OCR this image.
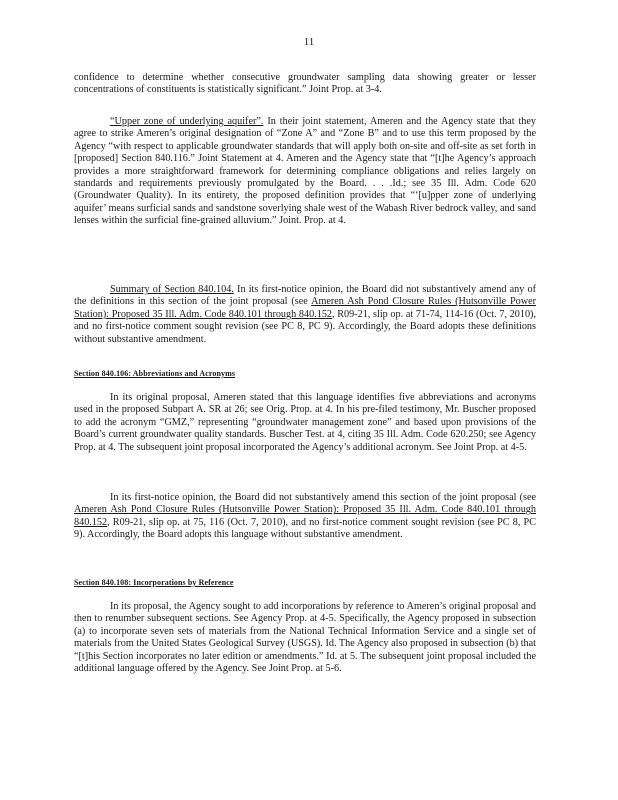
11

confidence to determine whether consecutive groundwater sampling data showing greater or lesser concentrations of constituents is statistically significant.” Joint Prop. at 3-4.

“Upper zone of underlying aquifer”. In their joint statement, Ameren and the Agency state that they agree to strike Ameren’s original designation of “Zone A” and “Zone B” and to use this term proposed by the Agency “with respect to applicable groundwater standards that will apply both on-site and off-site as set forth in [proposed] Section 840.116.” Joint Statement at 4. Ameren and the Agency state that “[t]he Agency’s approach provides a more straightforward framework for determining compliance obligations and relies largely on standards and requirements previously promulgated by the Board. . . .Id.; see 35 Ill. Adm. Code 620 (Groundwater Quality). In its entirety, the proposed definition provides that “‘[u]pper zone of underlying aquifer’ means surficial sands and sandstone soverlying shale west of the Wabash River bedrock valley, and sand lenses within the surficial fine-grained alluvium.” Joint. Prop. at 4.

Summary of Section 840.104. In its first-notice opinion, the Board did not substantively amend any of the definitions in this section of the joint proposal (see Ameren Ash Pond Closure Rules (Hutsonville Power Station): Proposed 35 Ill. Adm. Code 840.101 through 840.152, R09-21, slip op. at 71-74, 114-16 (Oct. 7, 2010), and no first-notice comment sought revision (see PC 8, PC 9). Accordingly, the Board adopts these definitions without substantive amendment.

Section 840.106: Abbreviations and Acronyms

In its original proposal, Ameren stated that this language identifies five abbreviations and acronyms used in the proposed Subpart A. SR at 26; see Orig. Prop. at 4. In his pre-filed testimony, Mr. Buscher proposed to add the acronym “GMZ,” representing “groundwater management zone” and based upon provisions of the Board’s current groundwater quality standards. Buscher Test. at 4, citing 35 Ill. Adm. Code 620.250; see Agency Prop. at 4. The subsequent joint proposal incorporated the Agency’s additional acronym. See Joint Prop. at 4-5.

In its first-notice opinion, the Board did not substantively amend this section of the joint proposal (see Ameren Ash Pond Closure Rules (Hutsonville Power Station): Proposed 35 Ill. Adm. Code 840.101 through 840.152, R09-21, slip op. at 75, 116 (Oct. 7, 2010), and no first-notice comment sought revision (see PC 8, PC 9). Accordingly, the Board adopts this language without substantive amendment.

Section 840.108: Incorporations by Reference

In its proposal, the Agency sought to add incorporations by reference to Ameren’s original proposal and then to renumber subsequent sections. See Agency Prop. at 4-5. Specifically, the Agency proposed in subsection (a) to incorporate seven sets of materials from the National Technical Information Service and a single set of materials from the United States Geological Survey (USGS). Id. The Agency also proposed in subsection (b) that “[t]his Section incorporates no later edition or amendments.” Id. at 5. The subsequent joint proposal included the additional language offered by the Agency. See Joint Prop. at 5-6.
